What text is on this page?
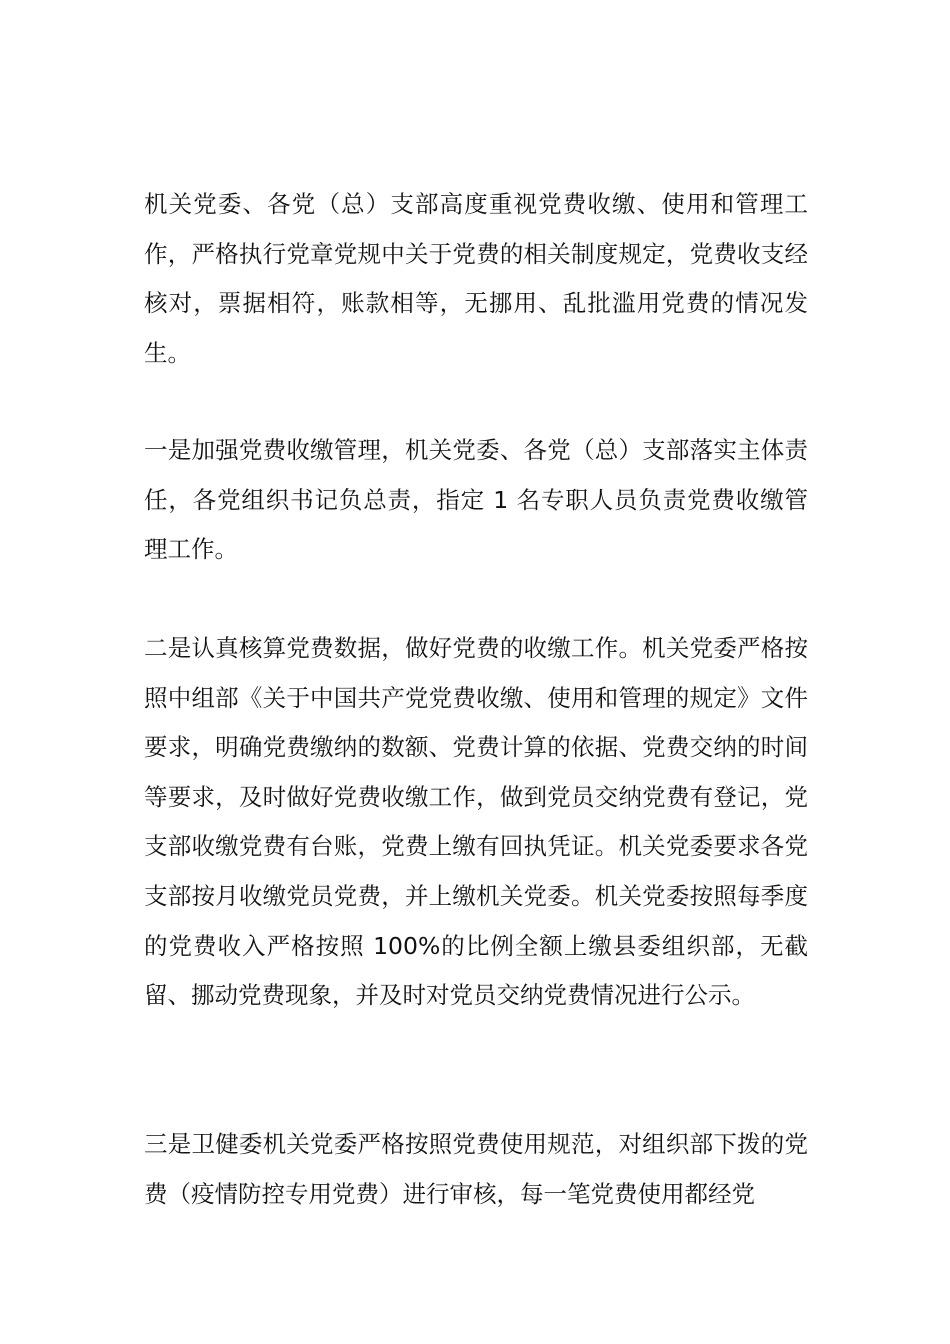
机关党委、各党（总）支部高度重视党费收缴、使用和管理工作，严格执行党章党规中关于党费的相关制度规定，党费收支经核对，票据相符，账款相等，无挪用、乱批滥用党费的情况发生。

一是加强党费收缴管理，机关党委、各党（总）支部落实主体责任，各党组织书记负总责，指定 1 名专职人员负责党费收缴管理工作。

二是认真核算党费数据，做好党费的收缴工作。机关党委严格按照中组部《关于中国共产党党费收缴、使用和管理的规定》文件要求，明确党费缴纳的数额、党费计算的依据、党费交纳的时间等要求，及时做好党费收缴工作，做到党员交纳党费有登记，党支部收缴党费有台账，党费上缴有回执凭证。机关党委要求各党支部按月收缴党员党费，并上缴机关党委。机关党委按照每季度的党费收入严格按照 100%的比例全额上缴县委组织部，无截留、挪动党费现象，并及时对党员交纳党费情况进行公示。

三是卫健委机关党委严格按照党费使用规范，对组织部下拨的党费（疫情防控专用党费）进行审核，每一笔党费使用都经党
